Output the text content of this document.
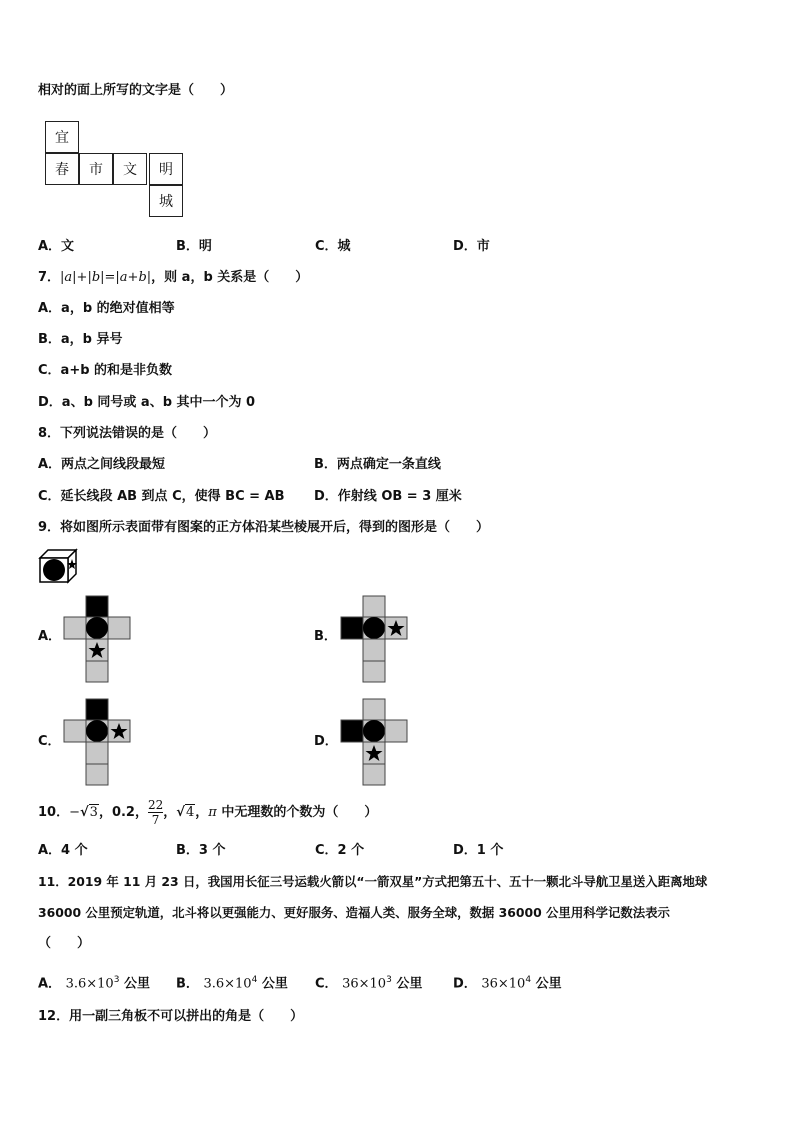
相对的面上所写的文字是（　　）
宜
春	市	文	明
城
A．文	B．明	C．城	D．市
7．|a|+|b|=|a+b|，则 a，b 关系是（　　）
A．a，b 的绝对值相等
B．a，b 异号
C．a+b 的和是非负数
D．a、b 同号或 a、b 其中一个为 0
8．下列说法错误的是（　　）
A．两点之间线段最短	B．两点确定一条直线
C．延长线段 AB 到点 C，使得 BC = AB D．作射线 OB = 3 厘米
9．将如图所示表面带有图案的正方体沿某些棱展开后，得到的图形是（　　）
A．	B．
C．	D．
10．−√3，0.2， $\frac{22}{7}$ ，√4，π 中无理数的个数为（　　）
A．4 个	B．3 个	C．2 个	D．1 个
11．2019 年 11 月 23 日，我国用长征三号运载火箭以“一箭双星”方式把第五十、五十一颗北斗导航卫星送入距离地球
36000 公里预定轨道，北斗将以更强能力、更好服务、造福人类、服务全球，数据 36000 公里用科学记数法表示
（　　）
A． $3.6\times 10^3$ 公里 B． $3.6\times 10^4$ 公里 C． $36\times 10^3$ 公里 D． $36\times 10^4$ 公里
12．用一副三角板不可以拼出的角是（　　）
